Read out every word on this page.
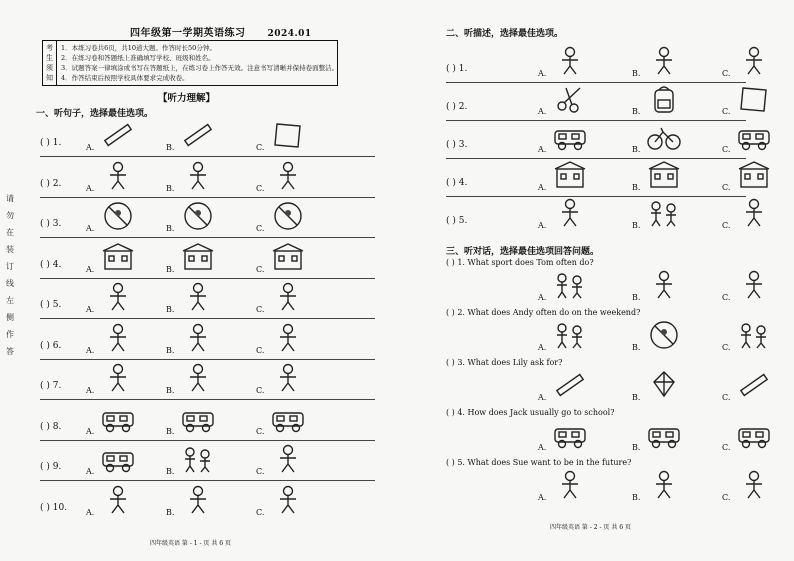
请
勿
在
装
订
线
左
侧
作
答
四年级第一学期英语练习 2024.01
考
生
须
知
1．本练习卷共6页，共10道大题。作答时长50分钟。
2．在练习卷和答题纸上准确填写学校、班级和姓名。
3．试题答案一律填涂或书写在答题纸上，在练习卷上作答无效。注意书写清晰并保持卷面整洁。
4．作答结束后按照学校具体要求完成收卷。
【听力理解】
一、听句子，选择最佳选项。
( ) 1.	A.	B.	C.
( ) 2.	A.	B.	C.
( ) 3.	A.	B.	C.
( ) 4.	A.	B.	C.
( ) 5.	A.	B.	C.
( ) 6.	A.	B.	C.
( ) 7.	A.	B.	C.
( ) 8.	A.	B.	C.
( ) 9.	A.	B.	C.
( ) 10. A.	B.	C.
四年级英语 第 - 1 - 页 共 6 页
二、听描述，选择最佳选项。
( ) 1.	A.	B.	C.
( ) 2.	A.	B.	C.
( ) 3.	A.	B.	C.
( ) 4.	A.	B.	C.
( ) 5.	A.	B.	C.
三、听对话，选择最佳选项回答问题。
( ) 1. What sport does Tom often do?
A.	B.	C.
( ) 2. What does Andy often do on the weekend?
A.	B.	C.
( ) 3. What does Lily ask for?
A.	B.	C.
( ) 4. How does Jack usually go to school?
A.	B.	C.
( ) 5. What does Sue want to be in the future?
A.	B.	C.
四年级英语 第 - 2 - 页 共 6 页
